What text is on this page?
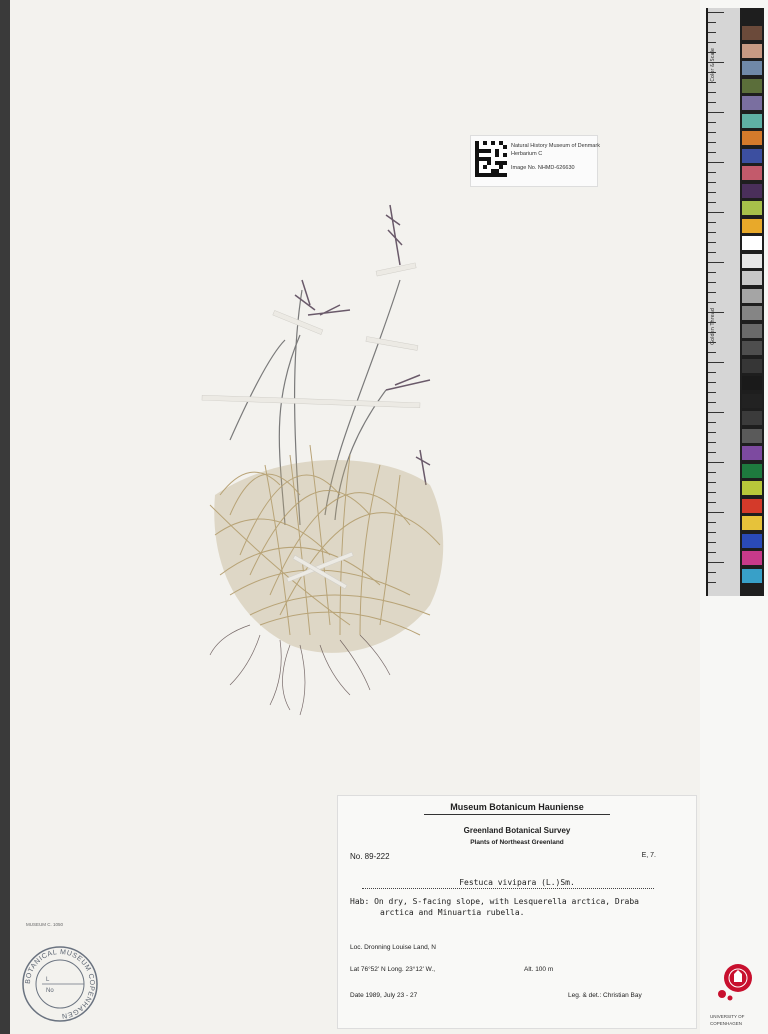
Color & Scale
Golden Thread
Natural History Museum of Denmark
Herbarium C
Image No. NHMD-626630
Museum Botanicum Hauniense
Greenland Botanical Survey
Plants of Northeast Greenland
No. 89-222	E, 7.
Festuca vivipara (L.)Sm.
Hab: On dry, S-facing slope, with Lesquerella arctica, Draba
arctica and Minuartia rubella.
Loc. Dronning Louise Land, N
Lat 76°52' N Long. 23°12' W.,	Alt. 100 m
Date 1989, July 23 - 27	Leg. & det.: Christian Bay
MUSEUM C. 1050
BOTANICAL MUSEUM COPENHAGEN
L
No
UNIVERSITY OF
COPENHAGEN
